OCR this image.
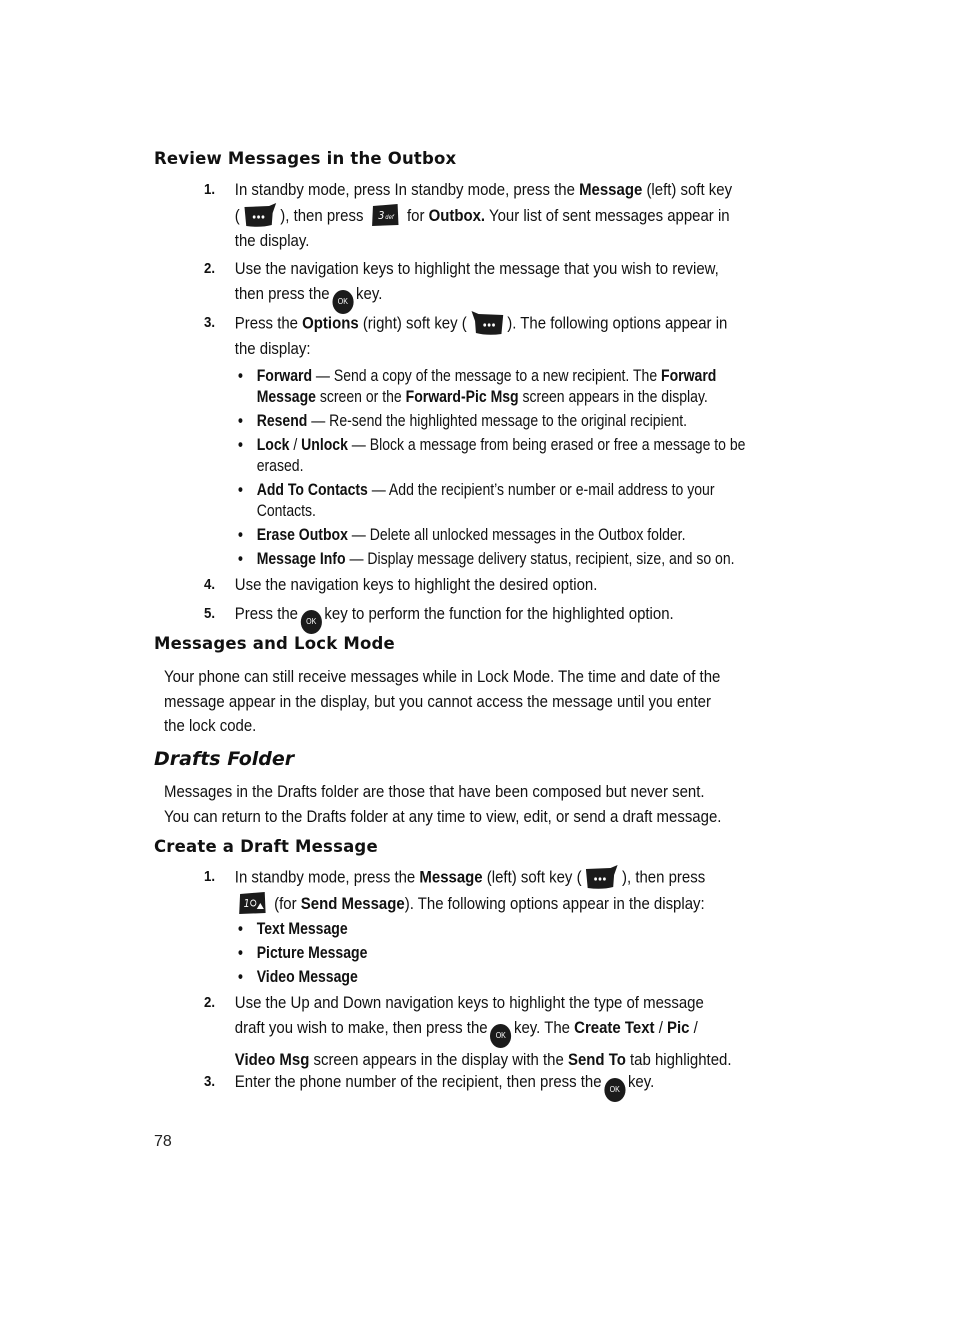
Review Messages in the Outbox
1. In standby mode, press In standby mode, press the Message (left) soft key
( ), then press 3 def for Outbox. Your list of sent messages appear in
the display.
2. Use the navigation keys to highlight the message that you wish to review,
then press the OK key.
3. Press the Options (right) soft key ( ). The following options appear in
the display:
• Forward — Send a copy of the message to a new recipient. The Forward
Message screen or the Forward-Pic Msg screen appears in the display.
• Resend — Re-send the highlighted message to the original recipient.
• Lock / Unlock — Block a message from being erased or free a message to be
erased.
• Add To Contacts — Add the recipient’s number or e-mail address to your
Contacts.
• Erase Outbox — Delete all unlocked messages in the Outbox folder.
• Message Info — Display message delivery status, recipient, size, and so on.
4. Use the navigation keys to highlight the desired option.
5. Press the OK key to perform the function for the highlighted option.
Messages and Lock Mode
Your phone can still receive messages while in Lock Mode. The time and date of the
message appear in the display, but you cannot access the message until you enter
the lock code.
Drafts Folder
Messages in the Drafts folder are those that have been composed but never sent.
You can return to the Drafts folder at any time to view, edit, or send a draft message.
Create a Draft Message
1. In standby mode, press the Message (left) soft key ( ), then press

1 (for Send Message). The following options appear in the display:
• Text Message
• Picture Message
• Video Message
2. Use the Up and Down navigation keys to highlight the type of message
draft you wish to make, then press the OK key. The Create Text / Pic /
Video Msg screen appears in the display with the Send To tab highlighted.
3. Enter the phone number of the recipient, then press the OK key.
78
